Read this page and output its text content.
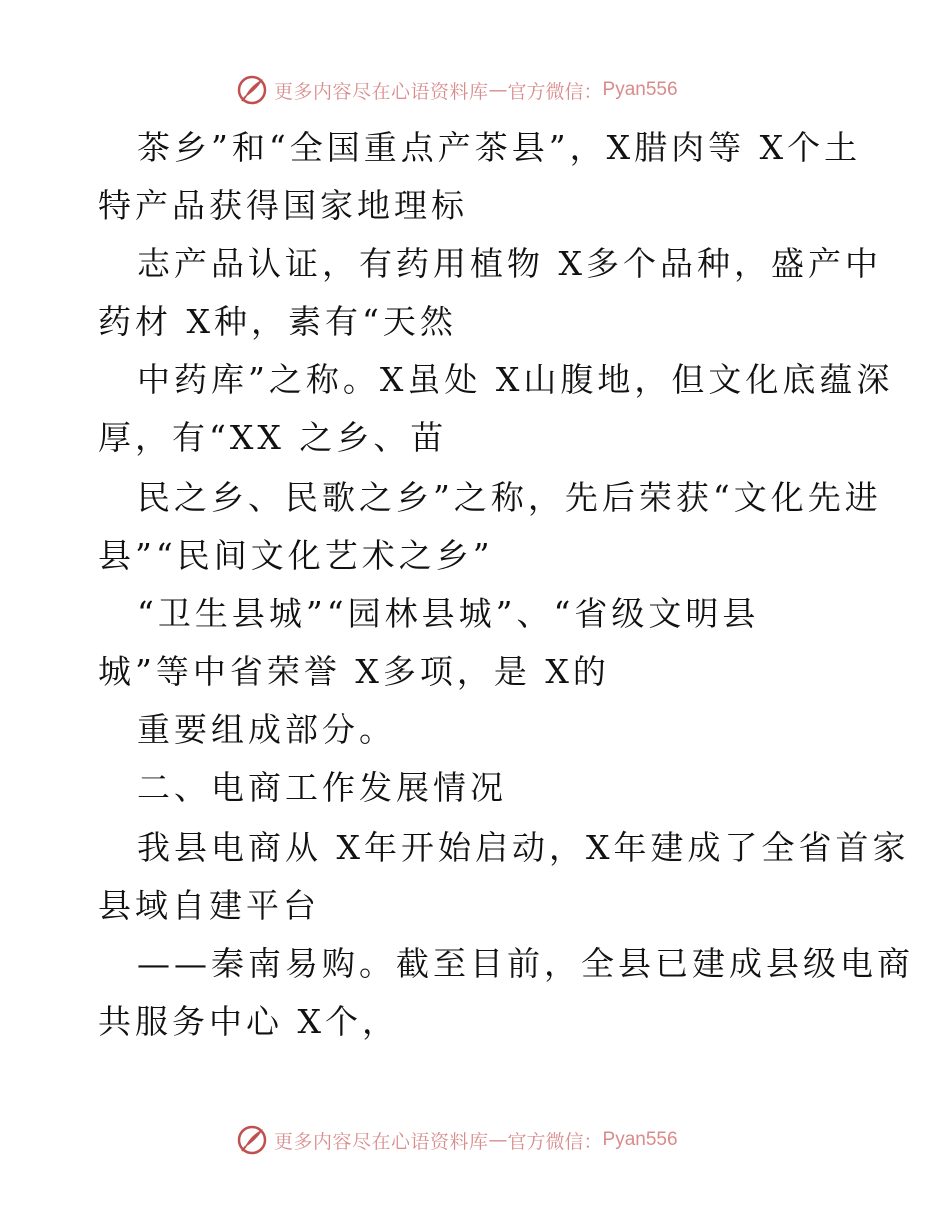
更多内容尽在心语资料库 — 官方微信： Pyan556
茶乡”和“全国重点产茶县”，X腊肉等 X个土
特产品获得国家地理标
志产品认证，有药用植物 X多个品种，盛产中
药材 X种，素有“天然
中药库”之称。X虽处 X山腹地，但文化底蕴深
厚，有“XX 之乡、苗
民之乡、民歌之乡”之称，先后荣获“文化先进
县”“民间文化艺术之乡”
“卫生县城”“园林县城”、“省级文明县
城”等中省荣誉 X多项，是 X的
重要组成部分。
二、电商工作发展情况
我县电商从 X年开始启动，X年建成了全省首家
县域自建平台
——秦南易购。截至目前，全县已建成县级电商
共服务中心 X个，
更多内容尽在心语资料库 — 官方微信： Pyan556
